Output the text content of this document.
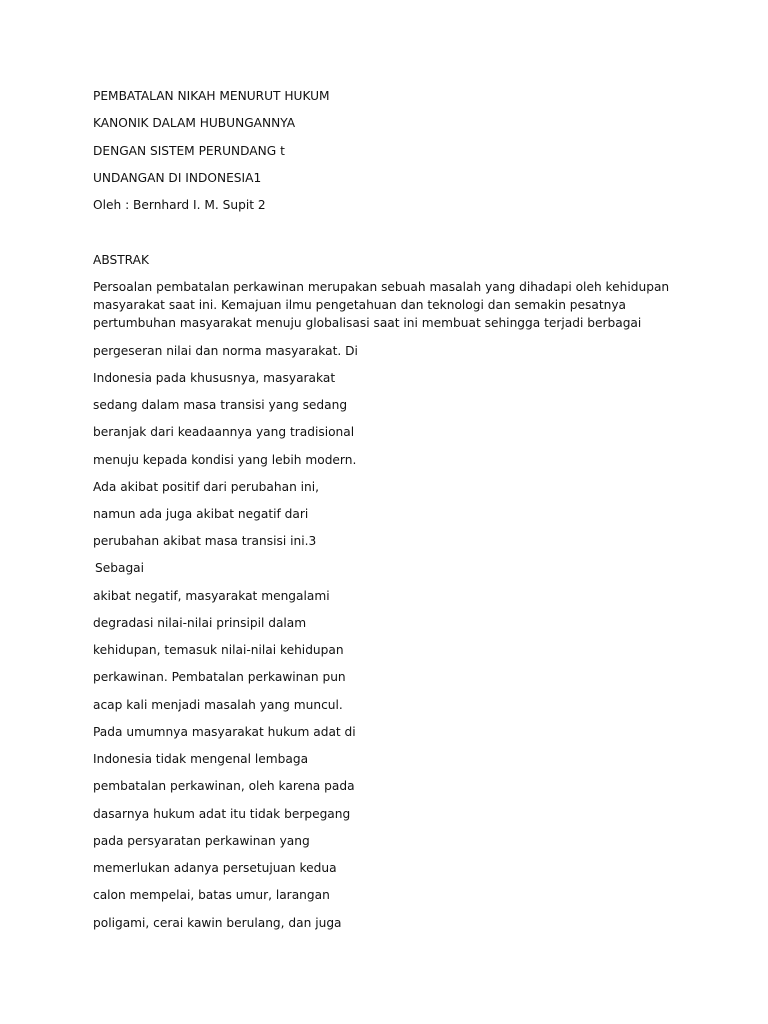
PEMBATALAN NIKAH MENURUT HUKUM
KANONIK DALAM HUBUNGANNYA
DENGAN SISTEM PERUNDANG t
UNDANGAN DI INDONESIA1
Oleh : Bernhard I. M. Supit 2
ABSTRAK
Persoalan pembatalan perkawinan merupakan sebuah masalah yang dihadapi oleh kehidupan
masyarakat saat ini. Kemajuan ilmu pengetahuan dan teknologi dan semakin pesatnya
pertumbuhan masyarakat menuju globalisasi saat ini membuat sehingga terjadi berbagai
pergeseran nilai dan norma masyarakat. Di
Indonesia pada khususnya, masyarakat
sedang dalam masa transisi yang sedang
beranjak dari keadaannya yang tradisional
menuju kepada kondisi yang lebih modern.
Ada akibat positif dari perubahan ini,
namun ada juga akibat negatif dari
perubahan akibat masa transisi ini.3
Sebagai
akibat negatif, masyarakat mengalami
degradasi nilai-nilai prinsipil dalam
kehidupan, temasuk nilai-nilai kehidupan
perkawinan. Pembatalan perkawinan pun
acap kali menjadi masalah yang muncul.
Pada umumnya masyarakat hukum adat di
Indonesia tidak mengenal lembaga
pembatalan perkawinan, oleh karena pada
dasarnya hukum adat itu tidak berpegang
pada persyaratan perkawinan yang
memerlukan adanya persetujuan kedua
calon mempelai, batas umur, larangan
poligami, cerai kawin berulang, dan juga
